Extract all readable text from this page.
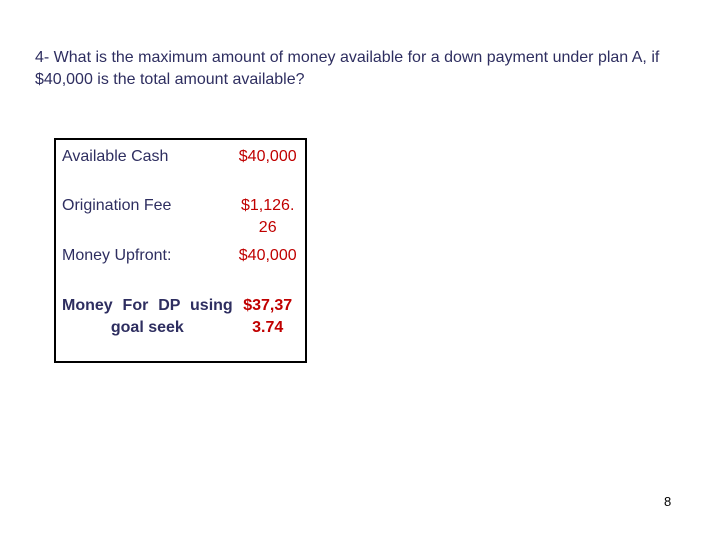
4- What is the maximum amount of money available for a down payment under plan A, if $40,000 is the total amount available?

Available Cash	$40,000

Origination Fee	$1,126.26

Money Upfront:	$40,000

Money For DP using goal seek	$37,373.74
8
